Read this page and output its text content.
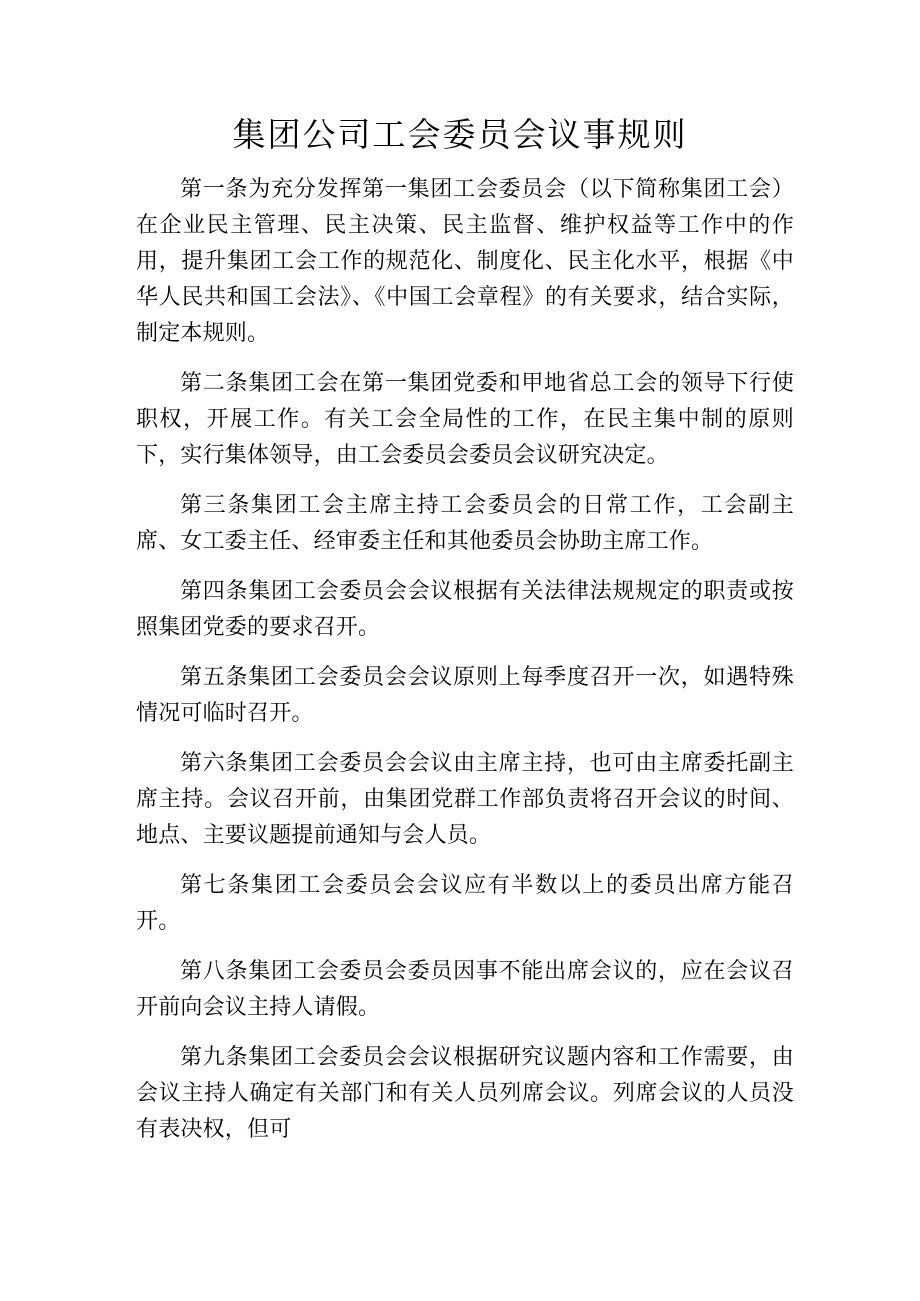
集团公司工会委员会议事规则

第一条为充分发挥第一集团工会委员会（以下简称集团工会）在企业民主管理、民主决策、民主监督、维护权益等工作中的作用，提升集团工会工作的规范化、制度化、民主化水平，根据《中华人民共和国工会法》、《中国工会章程》的有关要求，结合实际，制定本规则。

第二条集团工会在第一集团党委和甲地省总工会的领导下行使职权，开展工作。有关工会全局性的工作，在民主集中制的原则下，实行集体领导，由工会委员会委员会议研究决定。

第三条集团工会主席主持工会委员会的日常工作，工会副主席、女工委主任、经审委主任和其他委员会协助主席工作。

第四条集团工会委员会会议根据有关法律法规规定的职责或按照集团党委的要求召开。

第五条集团工会委员会会议原则上每季度召开一次，如遇特殊情况可临时召开。

第六条集团工会委员会会议由主席主持，也可由主席委托副主席主持。会议召开前，由集团党群工作部负责将召开会议的时间、地点、主要议题提前通知与会人员。

第七条集团工会委员会会议应有半数以上的委员出席方能召开。

第八条集团工会委员会委员因事不能出席会议的，应在会议召开前向会议主持人请假。

第九条集团工会委员会会议根据研究议题内容和工作需要，由会议主持人确定有关部门和有关人员列席会议。列席会议的人员没有表决权，但可
